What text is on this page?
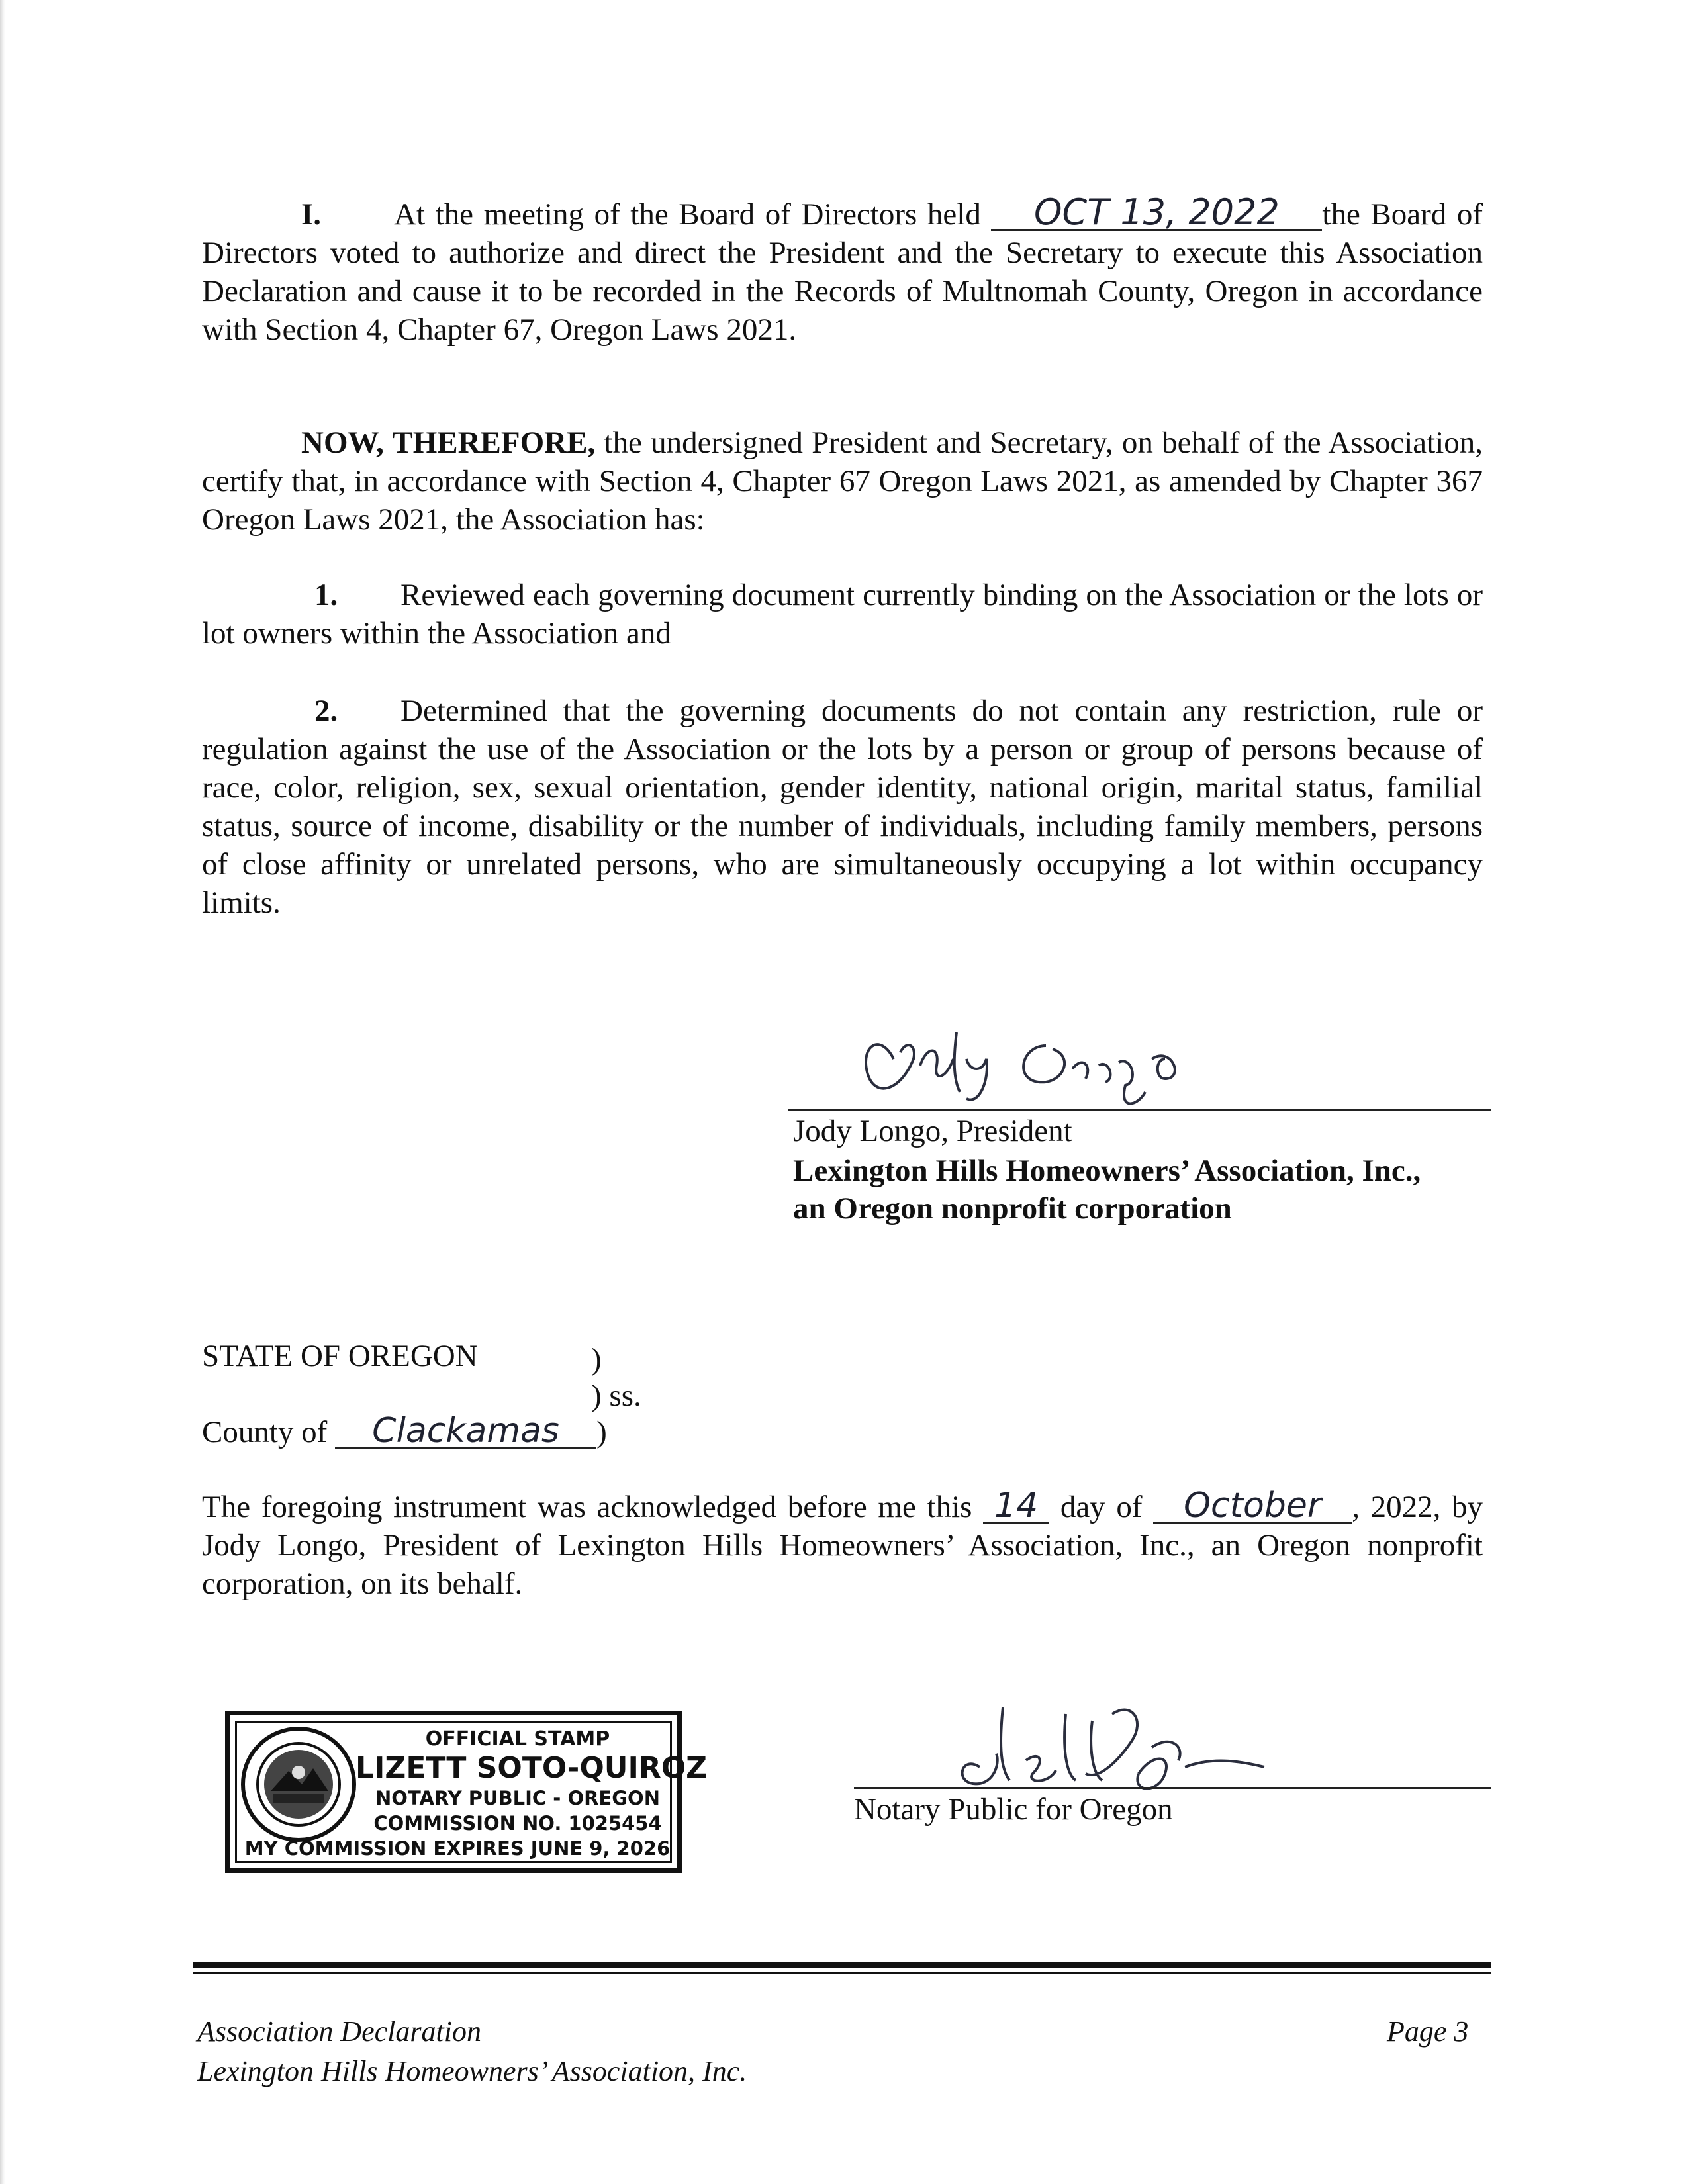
I. At the meeting of the Board of Directors held OCT 13, 2022 the Board of Directors voted to authorize and direct the President and the Secretary to execute this Association Declaration and cause it to be recorded in the Records of Multnomah County, Oregon in accordance with Section 4, Chapter 67, Oregon Laws 2021.
NOW, THEREFORE, the undersigned President and Secretary, on behalf of the Association, certify that, in accordance with Section 4, Chapter 67 Oregon Laws 2021, as amended by Chapter 367 Oregon Laws 2021, the Association has:
1. Reviewed each governing document currently binding on the Association or the lots or lot owners within the Association and
2. Determined that the governing documents do not contain any restriction, rule or regulation against the use of the Association or the lots by a person or group of persons because of race, color, religion, sex, sexual orientation, gender identity, national origin, marital status, familial status, source of income, disability or the number of individuals, including family members, persons of close affinity or unrelated persons, who are simultaneously occupying a lot within occupancy limits.
Jody Longo
Jody Longo, President
Lexington Hills Homeowners’ Association, Inc.,
an Oregon nonprofit corporation
STATE OF OREGON	)
) ss.
County of Clackamas )
The foregoing instrument was acknowledged before me this 14 day of October , 2022, by Jody Longo, President of Lexington Hills Homeowners’ Association, Inc., an Oregon nonprofit corporation, on its behalf.
OFFICIAL STAMP
LIZETT SOTO-QUIROZ
NOTARY PUBLIC - OREGON
COMMISSION NO. 1025454
MY COMMISSION EXPIRES JUNE 9, 2026
Notary Public for Oregon
Association Declaration
Lexington Hills Homeowners’ Association, Inc.
Page 3
